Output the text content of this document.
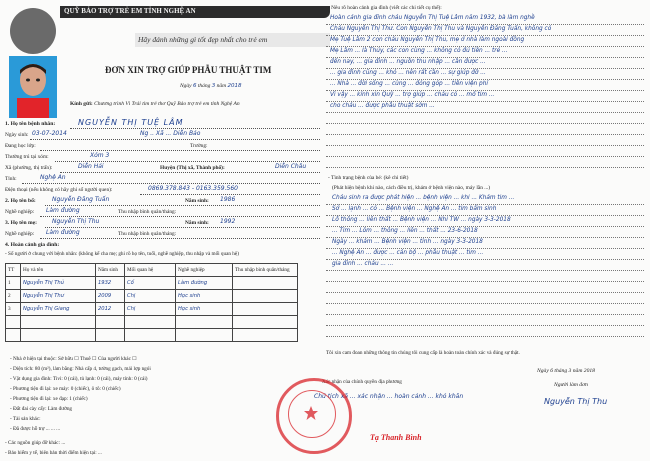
QUỸ BẢO TRỢ TRẺ EM TỈNH NGHỆ AN
Hãy đánh những gì tốt đẹp nhất cho trẻ em
ĐƠN XIN TRỢ GIÚP PHẪU THUẬT TIM
Ngày 6 tháng 3 năm 2018
Kính gửi: Chương trình Vì Trái tim trẻ thơ Quỹ Bảo trợ trẻ em tỉnh Nghệ An
1. Họ tên bệnh nhân:	NGUYỄN THỊ TUỆ LÂM
Ngày sinh: 03-07-2014	Ng .. Xã ... Diễn Bảo
Đang học lớp:	Trường:
Thường trú tại xóm:	Xóm 3
Xã (phường, thị trấn):	Diễn Hải	Huyện (Thị xã, Thành phố):	Diễn Châu
Tỉnh:	Nghệ An
Điện thoại (nếu không có hãy ghi số người quen):	0869.378.843 - 0163.359.560
2. Họ tên bố:	Nguyễn Đăng Tuấn	Năm sinh: 1986
Nghề nghiệp: Làm đường	Thu nhập bình quân/tháng:
3. Họ tên mẹ: Nguyễn Thị Thu	Năm sinh: 1992
Nghề nghiệp: Làm đường	Thu nhập bình quân/tháng:
4. Hoàn cảnh gia đình:
- Số người ở chung với bệnh nhân: (không kể cha mẹ; ghi rõ họ tên, tuổi, nghề nghiệp, thu nhập và mối quan hệ)
TT	Họ và tên	Năm sinh	Mối quan hệ	Nghề nghiệp	Thu nhập bình quân/tháng
1	Nguyễn Thị Thủ	1932	Cố	Làm đường	
2	Nguyễn Thị Thư	2009	Chị	Học sinh	
3	Nguyễn Thị Giang	2012	Chị	Học sinh	

- Nhà ở hiện tại thuộc: Sở hữu ☐ Thuê ☐ Của người khác ☐
- Diện tích: 80 (m²), làm bằng: Nhà cấp 4, tường gạch, mái lợp ngói
- Vật dụng gia đình: Tivi: 0 (cái), tủ lạnh: 0 (cái), máy tính: 0 (cái)
- Phương tiện đi lại: xe máy: 0 (chiếc), ô tô: 0 (chiếc)
- Phương tiện đi lại: xe đạp: 1 (chiếc)
- Đất đai cày cấy: Làm đường
- Tài sản khác:
- Đã được hỗ trợ ... ... ...
- Các nguồn giúp đỡ khác: ...
- Bảo hiểm y tế, biên bản thời điểm hiện tại: ...
- Nêu rõ hoàn cảnh gia đình (viết các chi tiết cụ thể):
Hoàn cảnh gia đình cháu Nguyễn Thị Tuệ Lâm năm 1932, bà làm nghề
Cháu Nguyễn Thị Thư. Con Nguyễn Thị Thu và Nguyễn Đăng Tuấn, không có
Mẹ Tuệ Lâm 2 con cháu Nguyễn Thị Thu, mẹ ở nhà làm ngoài đồng
Mẹ Lâm ... là Thủy, các con cùng ... không có đủ tiền ... trẻ ...
đến nay, ... gia đình ... nguồn thu nhập ... cần được ...
... gia đình cũng ... khó ... nên rất cần ... sự giúp đỡ ...
... Nhà ... đời sống ... cùng ... đóng góp ... tiền viện phí
Vì vậy ... kính xin Quỹ ... trợ giúp ... cháu có ... mổ tim ...
cho cháu ... được phẫu thuật sớm ...
- Tình trạng bệnh của bé: (kê chi tiết)
(Phát hiện bệnh khi nào, cách điều trị, khám ở bệnh viện nào, máy lần ...)
Cháu sinh ra được phát hiện ... bệnh viện ... khi ... Khám tim ...
Sở ... lạnh ... có ... Bệnh viện ... Nghệ An ... tim bẩm sinh
Lỗ thông ... liên thất ... Bệnh viện ... Nhi TW ... ngày 3-3-2018
... Tim ... Lõm ... thông ... liên ... thất ... 23-6-2018
Ngày ... khám ... Bệnh viện ... tỉnh ... ngày 3-3-2018
... Nghệ An ... được ... cán bộ ... phẫu thuật ... tim ...
gia đình ... cháu ... ...
Tôi xin cam đoan những thông tin chúng tôi cung cấp là hoàn toàn chính xác và đúng sự thật.
Ngày 6 tháng 3 năm 2018
Xác nhận của chính quyền địa phương
Chủ tịch xã ... xác nhận ... hoàn cảnh ... khó khăn
Người làm đơn
Nguyễn Thị Thu
Tạ Thanh Bình
